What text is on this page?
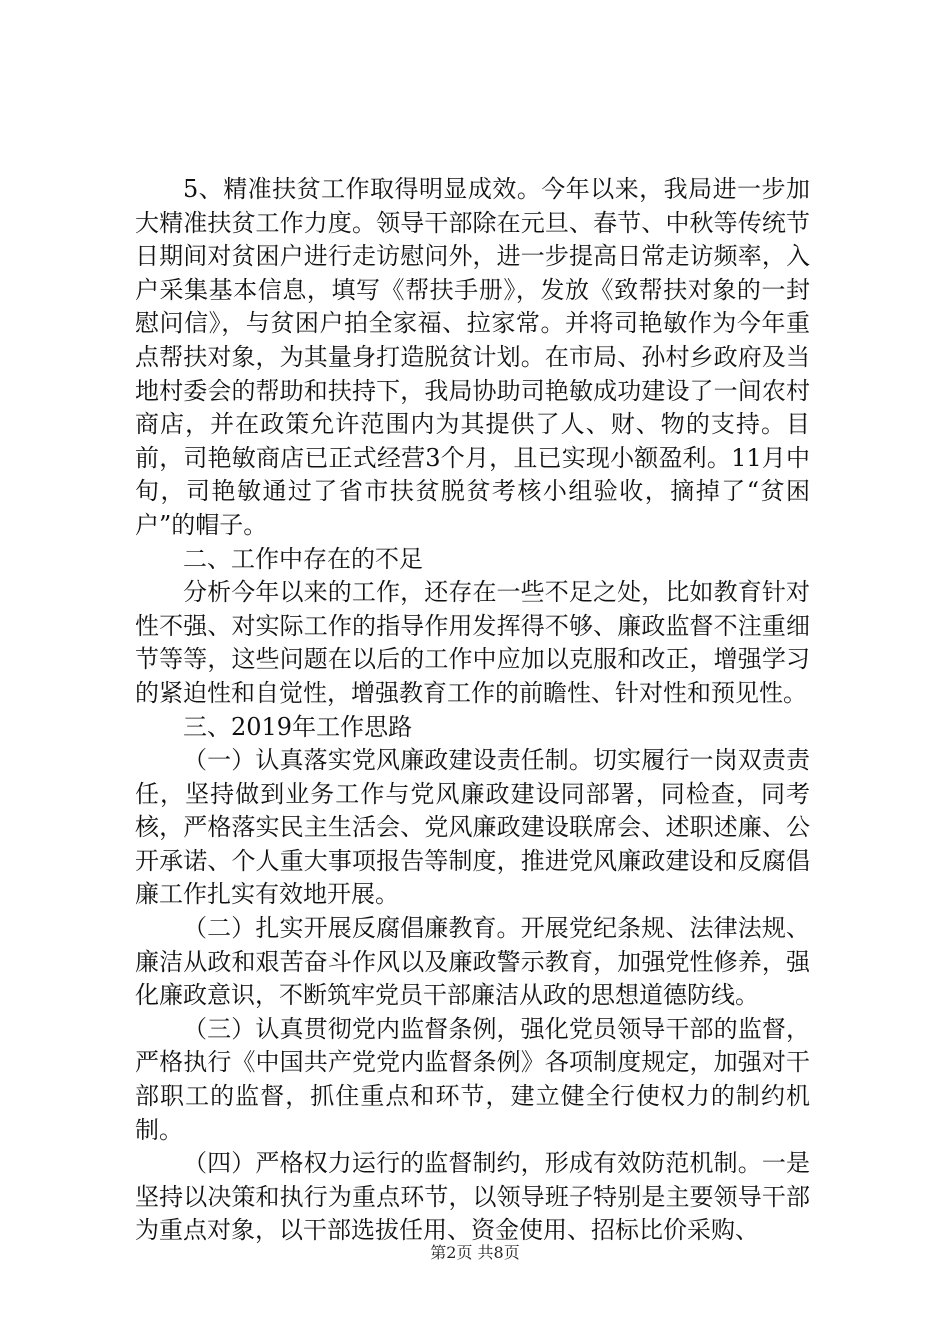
5、精准扶贫工作取得明显成效。今年以来，我局进一步加大精准扶贫工作力度。领导干部除在元旦、春节、中秋等传统节日期间对贫困户进行走访慰问外，进一步提高日常走访频率，入户采集基本信息，填写《帮扶手册》，发放《致帮扶对象的一封慰问信》，与贫困户拍全家福、拉家常。并将司艳敏作为今年重点帮扶对象，为其量身打造脱贫计划。在市局、孙村乡政府及当地村委会的帮助和扶持下，我局协助司艳敏成功建设了一间农村商店，并在政策允许范围内为其提供了人、财、物的支持。目前，司艳敏商店已正式经营3个月，且已实现小额盈利。11月中旬，司艳敏通过了省市扶贫脱贫考核小组验收，摘掉了“贫困户”的帽子。

二、工作中存在的不足

分析今年以来的工作，还存在一些不足之处，比如教育针对性不强、对实际工作的指导作用发挥得不够、廉政监督不注重细节等等，这些问题在以后的工作中应加以克服和改正，增强学习的紧迫性和自觉性，增强教育工作的前瞻性、针对性和预见性。

三、2019年工作思路

（一）认真落实党风廉政建设责任制。切实履行一岗双责责任，坚持做到业务工作与党风廉政建设同部署，同检查，同考核，严格落实民主生活会、党风廉政建设联席会、述职述廉、公开承诺、个人重大事项报告等制度，推进党风廉政建设和反腐倡廉工作扎实有效地开展。

（二）扎实开展反腐倡廉教育。开展党纪条规、法律法规、廉洁从政和艰苦奋斗作风以及廉政警示教育，加强党性修养，强化廉政意识，不断筑牢党员干部廉洁从政的思想道德防线。

（三）认真贯彻党内监督条例，强化党员领导干部的监督，严格执行《中国共产党党内监督条例》各项制度规定，加强对干部职工的监督，抓住重点和环节，建立健全行使权力的制约机制。

（四）严格权力运行的监督制约，形成有效防范机制。一是坚持以决策和执行为重点环节，以领导班子特别是主要领导干部为重点对象，以干部选拔任用、资金使用、招标比价采购、

第2页 共8页
